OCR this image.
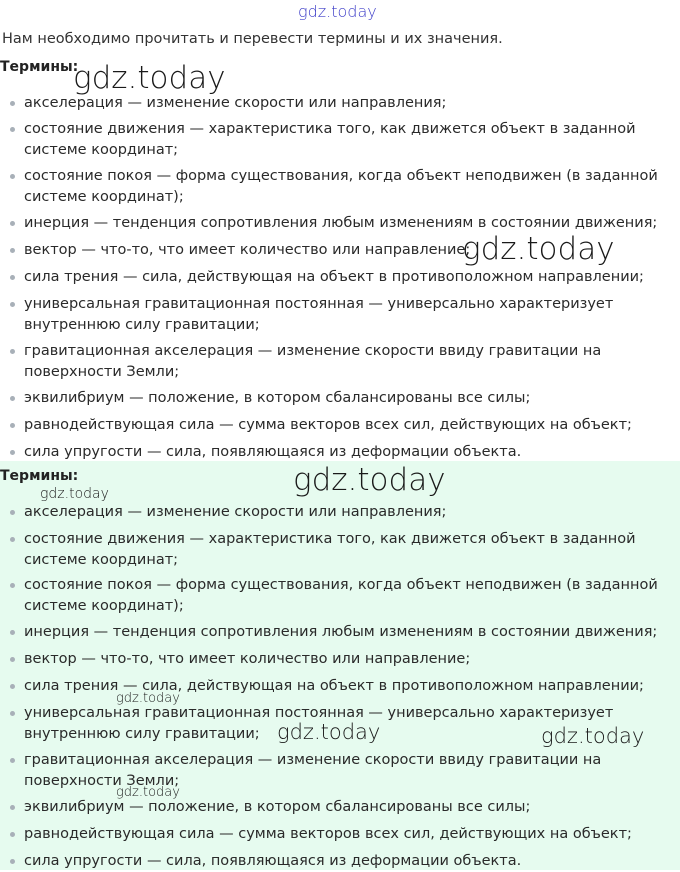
Нам необходимо прочитать и перевести термины и их значения.
Термины:
акселерация — изменение скорости или направления;
состояние движения — характеристика того, как движется объект в заданной системе координат;
состояние покоя — форма существования, когда объект неподвижен (в заданной системе координат);
инерция — тенденция сопротивления любым изменениям в состоянии движения;
вектор — что-то, что имеет количество или направление;
сила трения — сила, действующая на объект в противоположном направлении;
универсальная гравитационная постоянная — универсально характеризует внутреннюю силу гравитации;
гравитационная акселерация — изменение скорости ввиду гравитации на поверхности Земли;
эквилибриум — положение, в котором сбалансированы все силы;
равнодействующая сила — сумма векторов всех сил, действующих на объект;
сила упругости — сила, появляющаяся из деформации объекта.
Термины:
акселерация — изменение скорости или направления;
состояние движения — характеристика того, как движется объект в заданной системе координат;
состояние покоя — форма существования, когда объект неподвижен (в заданной системе координат);
инерция — тенденция сопротивления любым изменениям в состоянии движения;
вектор — что-то, что имеет количество или направление;
сила трения — сила, действующая на объект в противоположном направлении;
универсальная гравитационная постоянная — универсально характеризует внутреннюю силу гравитации;
гравитационная акселерация — изменение скорости ввиду гравитации на поверхности Земли;
эквилибриум — положение, в котором сбалансированы все силы;
равнодействующая сила — сумма векторов всех сил, действующих на объект;
сила упругости — сила, появляющаяся из деформации объекта.
gdz.today
gdz.today
gdz.today
gdz.today
gdz.today
gdz.today
gdz.today	gdz.today
gdz.today
